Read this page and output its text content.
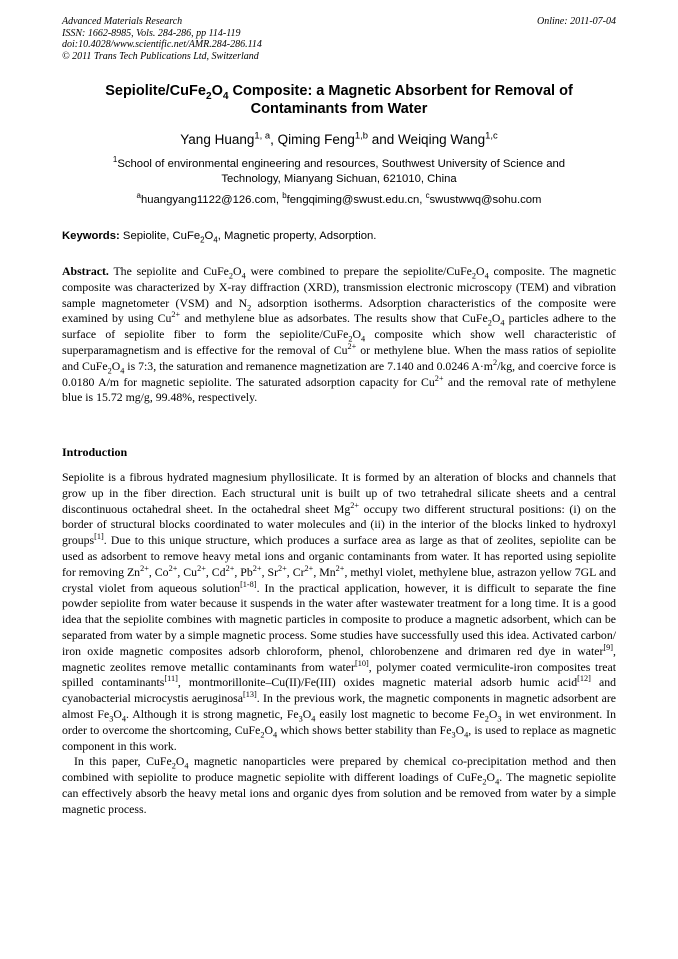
Advanced Materials Research
ISSN: 1662-8985, Vols. 284-286, pp 114-119
doi:10.4028/www.scientific.net/AMR.284-286.114
© 2011 Trans Tech Publications Ltd, Switzerland
Online: 2011-07-04
Sepiolite/$CuFe_2O_4$ Composite: a Magnetic Absorbent for Removal of
Contaminants from Water
Yang Huang$^{1, a}$, Qiming Feng$^{1,b}$ and Weiqing Wang$^{1,c}$
$^1$School of environmental engineering and resources, Southwest University of Science and
Technology, Mianyang Sichuan, 621010, China
$^a$huangyang1122@126.com, $^b$fengqiming@swust.edu.cn, $^c$swustwwq@sohu.com
Keywords: Sepiolite, $CuFe_2O_4$, Magnetic property, Adsorption.

Abstract. The sepiolite and $CuFe_2O_4$ were combined to prepare the sepiolite/$CuFe_2O_4$ composite. The magnetic composite was characterized by X-ray diffraction (XRD), transmission electronic microscopy (TEM) and vibration sample magnetometer (VSM) and $N_2$ adsorption isotherms. Adsorption characteristics of the composite were examined by using $Cu^{2+}$ and methylene blue as adsorbates. The results show that $CuFe_2O_4$ particles adhere to the surface of sepiolite fiber to form the sepiolite/$CuFe_2O_4$ composite which show well characteristic of superparamagnetism and is effective for the removal of $Cu^{2+}$ or methylene blue. When the mass ratios of sepiolite and $CuFe_2O_4$ is 7:3, the saturation and remanence magnetization are 7.140 and 0.0246 $A\cdot m^2/kg$, and coercive force is 0.0180 A/m for magnetic sepiolite. The saturated adsorption capacity for $Cu^{2+}$ and the removal rate of methylene blue is 15.72 mg/g, 99.48%, respectively.

Introduction

Sepiolite is a fibrous hydrated magnesium phyllosilicate. It is formed by an alteration of blocks and channels that grow up in the fiber direction. Each structural unit is built up of two tetrahedral silicate sheets and a central discontinuous octahedral sheet. In the octahedral sheet $Mg^{2+}$ occupy two different structural positions: (i) on the border of structural blocks coordinated to water molecules and (ii) in the interior of the blocks linked to hydroxyl groups[1]. Due to this unique structure, which produces a surface area as large as that of zeolites, sepiolite can be used as adsorbent to remove heavy metal ions and organic contaminants from water. It has reported using sepiolite for removing $Zn^{2+}$, $Co^{2+}$, $Cu^{2+}$, $Cd^{2+}$, $Pb^{2+}$, $Sr^{2+}$, $Cr^{2+}$, $Mn^{2+}$, methyl violet, methylene blue, astrazon yellow 7GL and crystal violet from aqueous solution[1-8]. In the practical application, however, it is difficult to separate the fine powder sepiolite from water because it suspends in the water after wastewater treatment for a long time. It is a good idea that the sepiolite combines with magnetic particles in composite to produce a magnetic adsorbent, which can be separated from water by a simple magnetic process. Some studies have successfully used this idea. Activated carbon/ iron oxide magnetic composites adsorb chloroform, phenol, chlorobenzene and drimaren red dye in water[9], magnetic zeolites remove metallic contaminants from water[10], polymer coated vermiculite-iron composites treat spilled contaminants[11], montmorillonite–Cu(II)/Fe(III) oxides magnetic material adsorb humic acid[12] and cyanobacterial microcystis aeruginosa[13]. In the previous work, the magnetic components in magnetic adsorbent are almost $Fe_3O_4$. Although it is strong magnetic, $Fe_3O_4$ easily lost magnetic to become $Fe_2O_3$ in wet environment. In order to overcome the shortcoming, $CuFe_2O_4$ which shows better stability than $Fe_3O_4$, is used to replace as magnetic component in this work.

In this paper, $CuFe_2O_4$ magnetic nanoparticles were prepared by chemical co-precipitation method and then combined with sepiolite to produce magnetic sepiolite with different loadings of $CuFe_2O_4$. The magnetic sepiolite can effectively absorb the heavy metal ions and organic dyes from solution and be removed from water by a simple magnetic process.
